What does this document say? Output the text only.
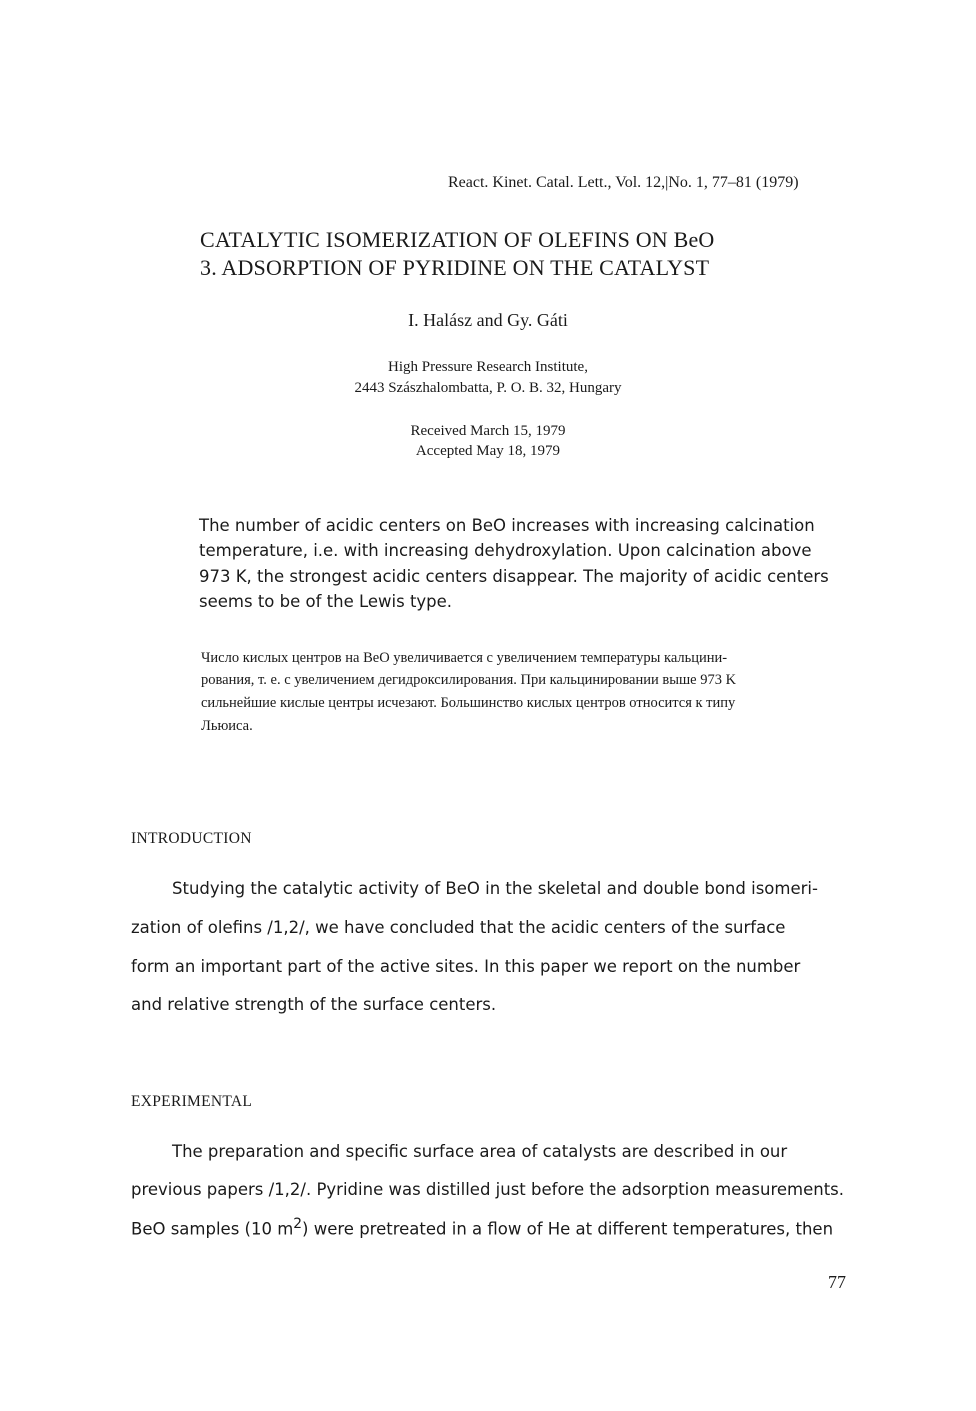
React. Kinet. Catal. Lett., Vol. 12,|No. 1, 77–81 (1979)

CATALYTIC ISOMERIZATION OF OLEFINS ON BeO

3. ADSORPTION OF PYRIDINE ON THE CATALYST

I. Halász and Gy. Gáti

High Pressure Research Institute,

2443 Szászhalombatta, P. O. B. 32, Hungary

Received March 15, 1979

Accepted May 18, 1979

The number of acidic centers on BeO increases with increasing calcination

temperature, i.e. with increasing dehydroxylation. Upon calcination above

973 K, the strongest acidic centers disappear. The majority of acidic centers

seems to be of the Lewis type.

Число кислых центров на BeO увеличивается с увеличением температуры кальцини-

рования, т. е. с увеличением дегидроксилирования. При кальцинировании выше 973 K

сильнейшие кислые центры исчезают. Большинство кислых центров относится к типу

Льюиса.

INTRODUCTION

Studying the catalytic activity of BeO in the skeletal and double bond isomeri-

zation of olefins /1,2/, we have concluded that the acidic centers of the surface

form an important part of the active sites. In this paper we report on the number

and relative strength of the surface centers.

EXPERIMENTAL

The preparation and specific surface area of catalysts are described in our

previous papers /1,2/. Pyridine was distilled just before the adsorption measurements.

BeO samples (10 $m^2$) were pretreated in a flow of He at different temperatures, then

77
